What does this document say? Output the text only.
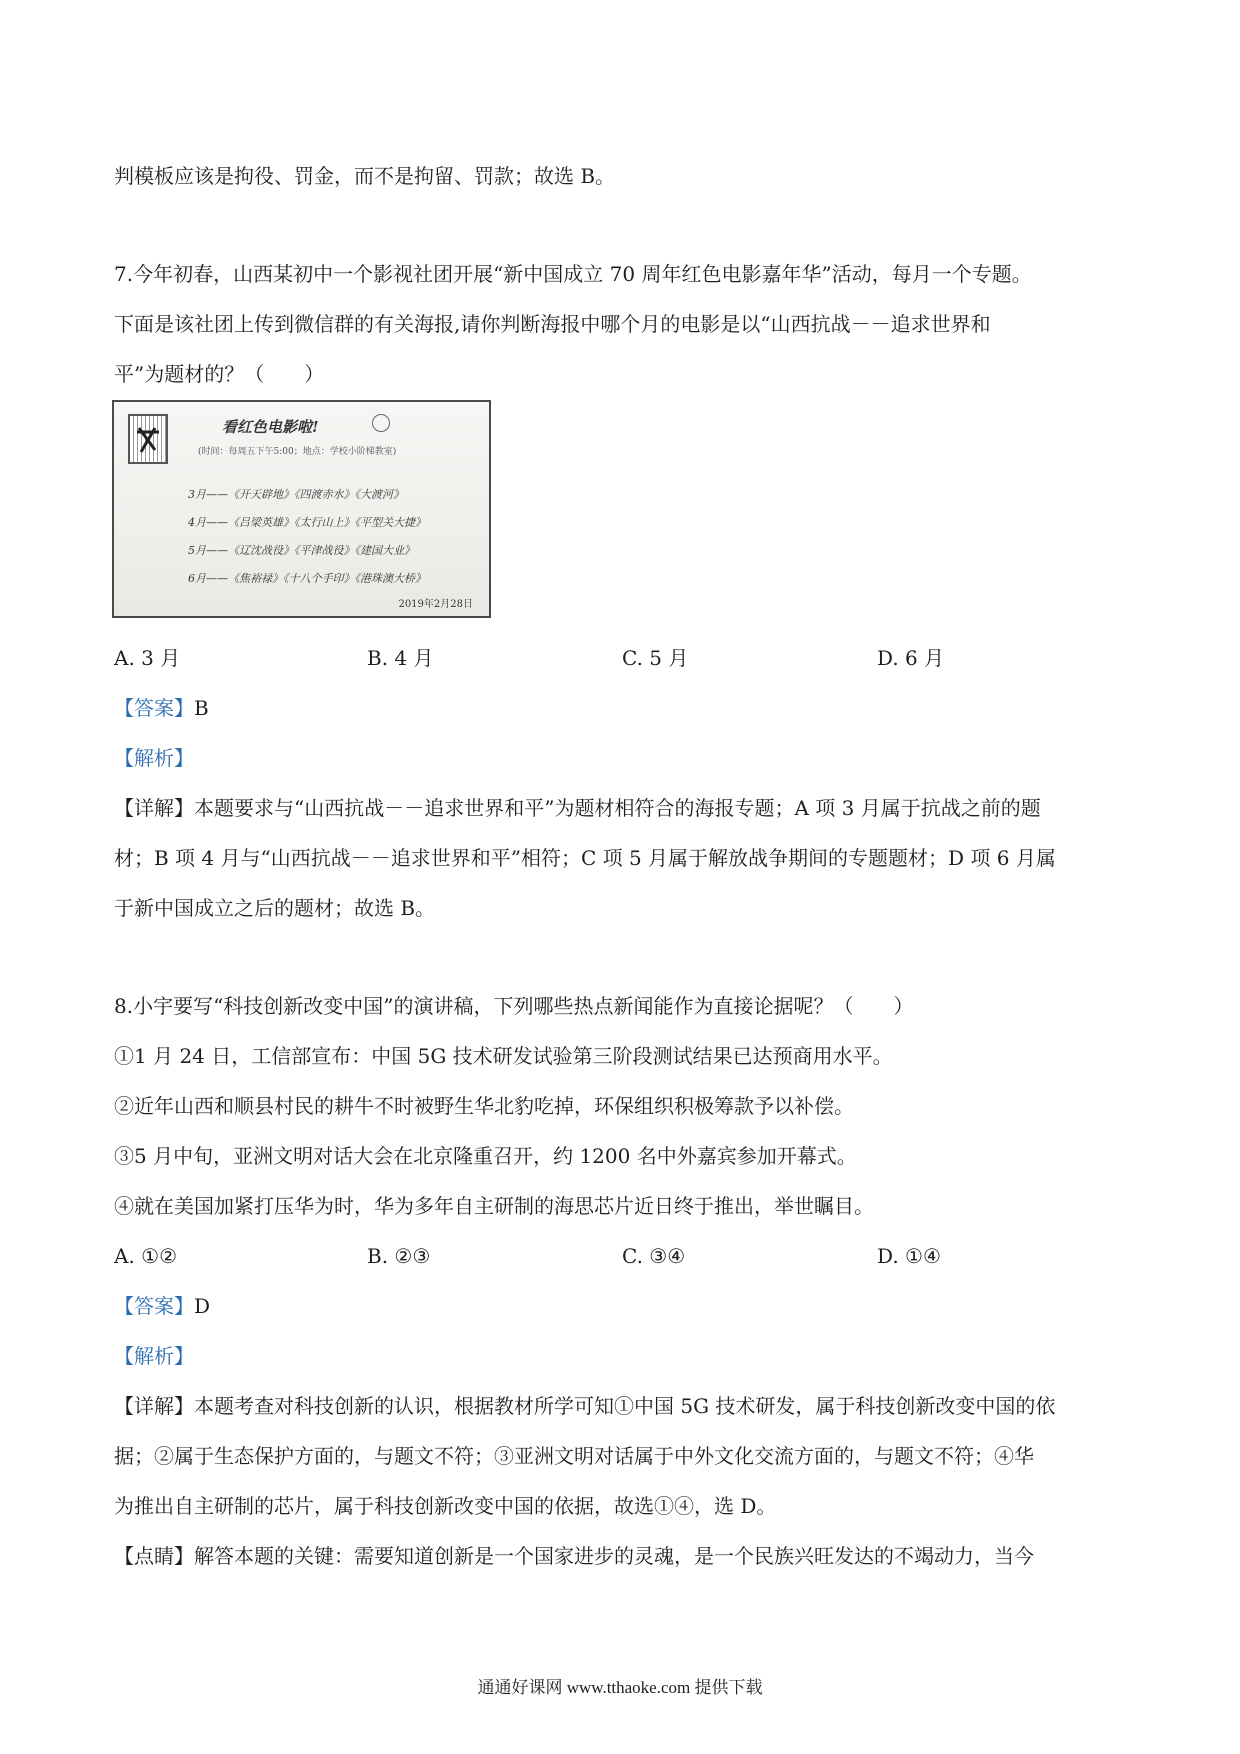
判模板应该是拘役、罚金，而不是拘留、罚款；故选 B。

7.今年初春，山西某初中一个影视社团开展“新中国成立 70 周年红色电影嘉年华”活动，每月一个专题。

下面是该社团上传到微信群的有关海报,请你判断海报中哪个月的电影是以“山西抗战－－追求世界和

平”为题材的？（　　）

看红色电影啦!
(时间：每周五下午5:00；地点：学校小阶梯教室)
3月——《开天辟地》《四渡赤水》《大渡河》
4月——《吕梁英雄》《太行山上》《平型关大捷》
5月——《辽沈战役》《平津战役》《建国大业》
6月——《焦裕禄》《十八个手印》《港珠澳大桥》
2019年2月28日
A. 3 月	B. 4 月	C. 5 月	D. 6 月

【答案】B

【解析】

【详解】本题要求与“山西抗战－－追求世界和平”为题材相符合的海报专题；A 项 3 月属于抗战之前的题

材；B 项 4 月与“山西抗战－－追求世界和平”相符；C 项 5 月属于解放战争期间的专题题材；D 项 6 月属

于新中国成立之后的题材；故选 B。

8.小宇要写“科技创新改变中国”的演讲稿，下列哪些热点新闻能作为直接论据呢？（　　）

①1 月 24 日，工信部宣布：中国 5G 技术研发试验第三阶段测试结果已达预商用水平。

②近年山西和顺县村民的耕牛不时被野生华北豹吃掉，环保组织积极筹款予以补偿。

③5 月中旬，亚洲文明对话大会在北京隆重召开，约 1200 名中外嘉宾参加开幕式。

④就在美国加紧打压华为时，华为多年自主研制的海思芯片近日终于推出，举世瞩目。

A. ①②	B. ②③	C. ③④	D. ①④

【答案】D

【解析】

【详解】本题考查对科技创新的认识，根据教材所学可知①中国 5G 技术研发，属于科技创新改变中国的依

据；②属于生态保护方面的，与题文不符；③亚洲文明对话属于中外文化交流方面的，与题文不符；④华

为推出自主研制的芯片，属于科技创新改变中国的依据，故选①④，选 D。

【点睛】解答本题的关键：需要知道创新是一个国家进步的灵魂，是一个民族兴旺发达的不竭动力，当今

通通好课网 www.tthaoke.com 提供下载
